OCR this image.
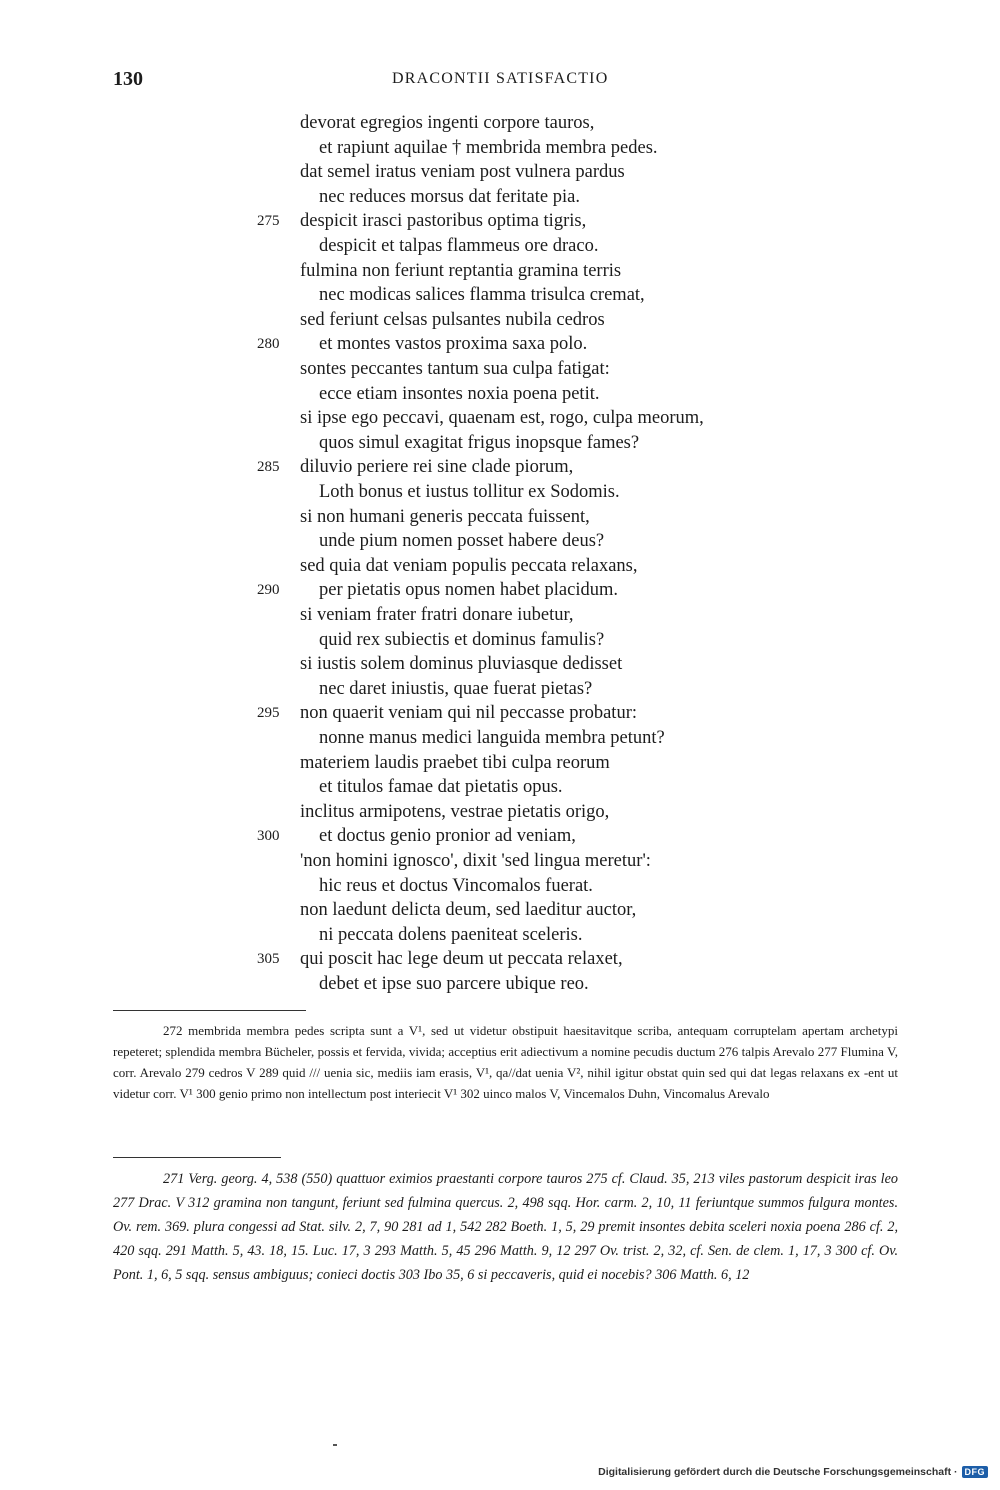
130	DRACONTII SATISFACTIO
devorat egregios ingenti corpore tauros,
et rapiunt aquilae † membrida membra pedes.
dat semel iratus veniam post vulnera pardus
nec reduces morsus dat feritate pia.
275 despicit irasci pastoribus optima tigris,
despicit et talpas flammeus ore draco.
fulmina non feriunt reptantia gramina terris
nec modicas salices flamma trisulca cremat,
sed feriunt celsas pulsantes nubila cedros
280 et montes vastos proxima saxa polo.
sontes peccantes tantum sua culpa fatigat:
ecce etiam insontes noxia poena petit.
si ipse ego peccavi, quaenam est, rogo, culpa meorum,
quos simul exagitat frigus inopsque fames?
285 diluvio periere rei sine clade piorum,
Loth bonus et iustus tollitur ex Sodomis.
si non humani generis peccata fuissent,
unde pium nomen posset habere deus?
sed quia dat veniam populis peccata relaxans,
290 per pietatis opus nomen habet placidum.
si veniam frater fratri donare iubetur,
quid rex subiectis et dominus famulis?
si iustis solem dominus pluviasque dedisset
nec daret iniustis, quae fuerat pietas?
295 non quaerit veniam qui nil peccasse probatur:
nonne manus medici languida membra petunt?
materiem laudis praebet tibi culpa reorum
et titulos famae dat pietatis opus.
inclitus armipotens, vestrae pietatis origo,
300 et doctus genio pronior ad veniam,
'non homini ignosco', dixit 'sed lingua meretur':
hic reus et doctus Vincomalos fuerat.
non laedunt delicta deum, sed laeditur auctor,
ni peccata dolens paeniteat sceleris.
305 qui poscit hac lege deum ut peccata relaxet,
debet et ipse suo parcere ubique reo.

272 membrida membra pedes scripta sunt a V¹, sed ut videtur obstipuit haesitavitque scriba, antequam corruptelam apertam archetypi repeteret; splendida membra Bücheler, possis et fervida, vivida; acceptius erit adiectivum a nomine pecudis ductum 276 talpis Arevalo 277 Flumina V, corr. Arevalo 279 cedros V 289 quid /// uenia sic, mediis iam erasis, V¹, qa//dat uenia V², nihil igitur obstat quin sed qui dat legas relaxans ex -ent ut videtur corr. V¹ 300 genio primo non intellectum post interiecit V¹ 302 uinco malos V, Vincemalos Duhn, Vincomalus Arevalo

271 Verg. georg. 4, 538 (550) quattuor eximios praestanti corpore tauros 275 cf. Claud. 35, 213 viles pastorum despicit iras leo 277 Drac. V 312 gramina non tangunt, feriunt sed fulmina quercus. 2, 498 sqq. Hor. carm. 2, 10, 11 feriuntque summos fulgura montes. Ov. rem. 369. plura congessi ad Stat. silv. 2, 7, 90 281 ad 1, 542 282 Boeth. 1, 5, 29 premit insontes debita sceleri noxia poena 286 cf. 2, 420 sqq. 291 Matth. 5, 43. 18, 15. Luc. 17, 3 293 Matth. 5, 45 296 Matth. 9, 12 297 Ov. trist. 2, 32, cf. Sen. de clem. 1, 17, 3 300 cf. Ov. Pont. 1, 6, 5 sqq. sensus ambiguus; conieci doctis 303 Ibo 35, 6 si peccaveris, quid ei nocebis? 306 Matth. 6, 12

Digitalisierung gefördert durch die Deutsche Forschungsgemeinschaft · DFG
